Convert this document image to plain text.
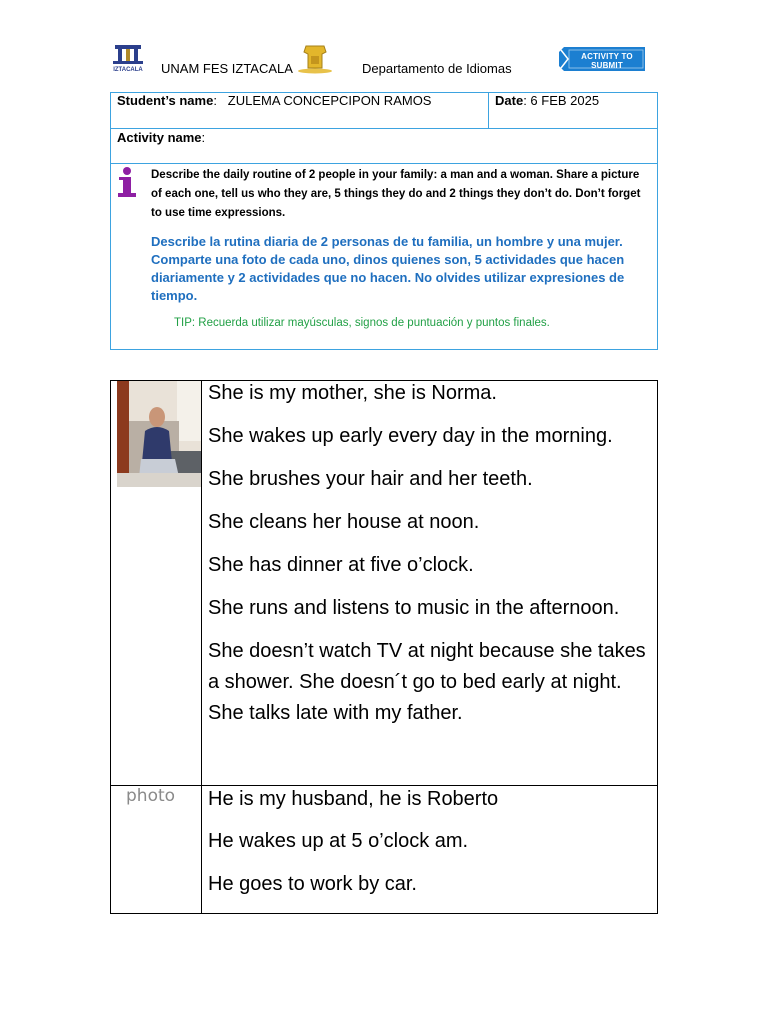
IZTACALA UNAM FES IZTACALA	Departamento de Idiomas
ACTIVITY TO SUBMIT
Student’s name:   ZULEMA CONCEPCIPON RAMOS	Date: 6 FEB 2025
Activity name:
Describe the daily routine of 2 people in your family: a man and a woman. Share a picture of each one, tell us who they are, 5 things they do and 2 things they don’t do. Don’t forget to use time expressions.
Describe la rutina diaria de 2 personas de tu familia, un hombre y una mujer. Comparte una foto de cada uno, dinos quienes son, 5 actividades que hacen diariamente y 2 actividades que no hacen. No olvides utilizar expresiones de tiempo.
TIP: Recuerda utilizar mayúsculas, signos de puntuación y puntos finales.
She is my mother, she is Norma.
She wakes up early every day in the morning.
She brushes your hair and her teeth.
She cleans her house at noon.
She has dinner at five o’clock.
She runs and listens to music in the afternoon.
She doesn’t watch TV at night because she takes a shower. She doesn´t go to bed early at night. She talks late with my father.
photo He is my husband, he is Roberto
He wakes up at 5 o’clock am.
He goes to work by car.
